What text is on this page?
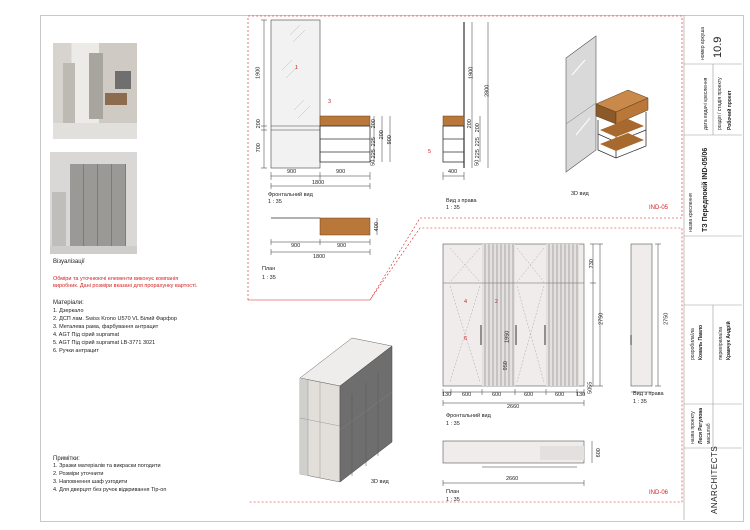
Візуалізації
Обміри та уточнюючі елементи виконує компанія
виробник. Дані розміри вказані для прорахунку вартості.
Матеріали:
1. Дзеркало
2. ДСП лам. Swiss Krono U570 VL Білий Фарфор
3. Металева рама, фарбування антрацит
4. AGT Під сірий supramat
5. AGT Під сірий supramat LB-3771 3021
6. Ручки антрацит
Примітки:
1. Зразки матеріалів та викраски погодити
2. Розміри уточнити
3. Наповнення шаф узгодити
4. Для дверцят без ручок відкривання Tip-on
1900
200
700
200
225
225
50
200
900
900	900
1800
Фронтальний вид
1 : 35
1
3
5
1900
2800
200 200
225
225
50
400
Вид з права
1 : 35
900	900
1800
400
План
1 : 35
3D вид
IND-05
130 600	600	600	600 130
2660
Фронтальний вид
1 : 35
730
2750
1950
950
55
50
4	2
6
2750
Вид з права
1 : 35
600
2660
План
1 : 35
3D вид
IND-06
номер аркуша 10.9
дата видачі креслення розділ / стадія проекту Робочий проект
назва креслення ТЗ Передпокій IND-05/06
розробила/ла Коваль Павло	перевірила/ла Кравчук Андрій
назва проекту Леся Регулова масштаб
ANARCHITECTS
